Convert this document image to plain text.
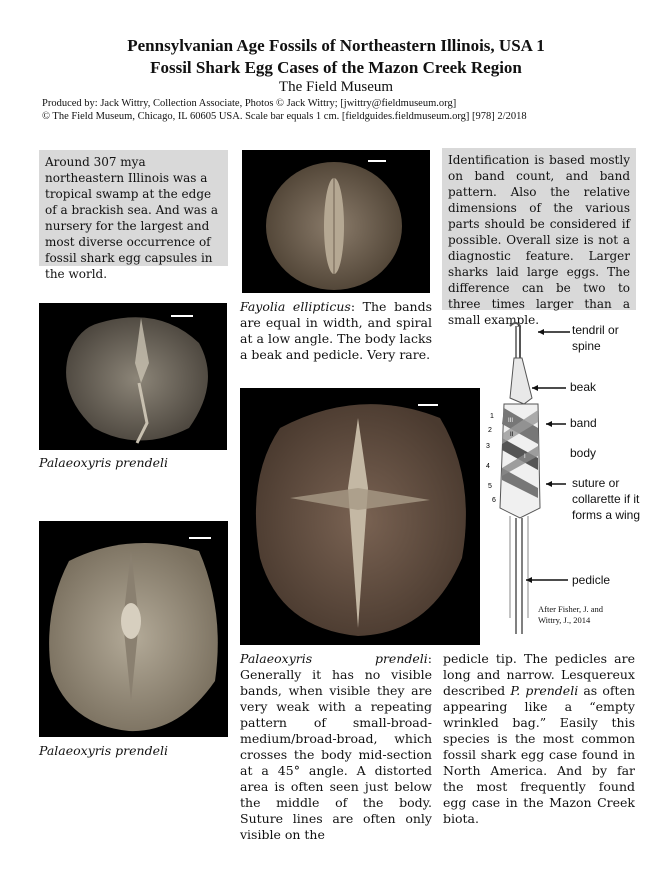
Pennsylvanian Age Fossils of Northeastern Illinois, USA 1
Fossil Shark Egg Cases of the Mazon Creek Region
The Field Museum
Produced by: Jack Wittry, Collection Associate, Photos © Jack Wittry; [jwittry@fieldmuseum.org]
© The Field Museum, Chicago, IL 60605 USA. Scale bar equals 1 cm. [fieldguides.fieldmuseum.org] [978] 2/2018
Around 307 mya northeastern Illinois was a tropical swamp at the edge of a brackish sea. And was a nursery for the largest and most diverse occurrence of fossil shark egg capsules in the world.
Identification is based mostly on band count, and band pattern. Also the relative dimensions of the various parts should be considered if possible. Overall size is not a diagnostic feature. Larger sharks laid large eggs. The difference can be two to three times larger than a small example.
Fayolia ellipticus: The bands are equal in width, and spiral at a low angle. The body lacks a beak and pedicle. Very rare.
Palaeoxyris prendeli
Palaeoxyris prendeli
Palaeoxyris prendeli: Generally it has no visible bands, when visible they are very weak with a repeating pattern of small-broad-medium/broad-broad, which crosses the body mid-section at a 45° angle. A distorted area is often seen just below the middle of the body. Suture lines are often only visible on the
pedicle tip. The pedicles are long and narrow. Lesquereux described P. prendeli as often appearing like a “empty wrinkled bag.” Easily this species is the most common fossil shark egg case found in North America. And by far the most frequently found egg case in the Mazon Creek biota.
1
2
3
4
5
6
III
II
I
tendril or spine
beak
band
body
suture or collarette if it forms a wing
pedicle
After Fisher, J. and Wittry, J., 2014
